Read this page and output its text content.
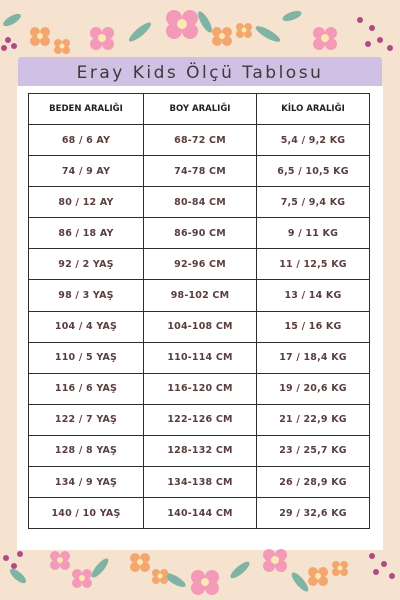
Eray Kids Ölçü Tablosu
BEDEN ARALIĞI	BOY ARALIĞI	KİLO ARALIĞI
68 / 6 AY	68-72 CM	5,4 / 9,2 KG
74 / 9 AY	74-78 CM	6,5 / 10,5 KG
80 / 12 AY	80-84 CM	7,5 / 9,4 KG
86 / 18 AY	86-90 CM	9 / 11 KG
92 / 2 YAŞ	92-96 CM	11 / 12,5 KG
98 / 3 YAŞ	98-102 CM	13 / 14 KG
104 / 4 YAŞ	104-108 CM	15 / 16 KG
110 / 5 YAŞ	110-114 CM	17 / 18,4 KG
116 / 6 YAŞ	116-120 CM	19 / 20,6 KG
122 / 7 YAŞ	122-126 CM	21 / 22,9 KG
128 / 8 YAŞ	128-132 CM	23 / 25,7 KG
134 / 9 YAŞ	134-138 CM	26 / 28,9 KG
140 / 10 YAŞ	140-144 CM	29 / 32,6 KG
